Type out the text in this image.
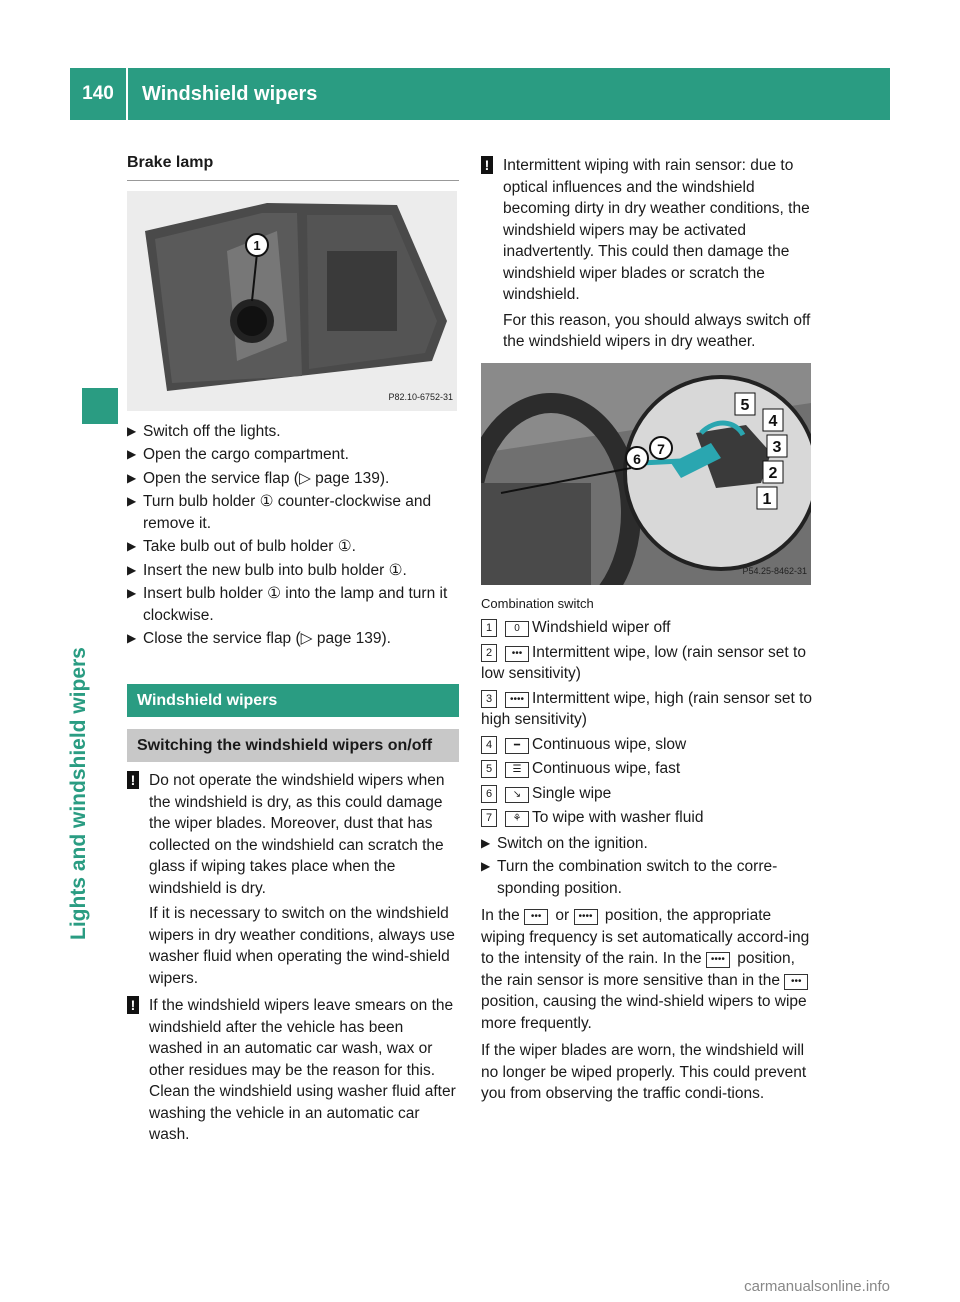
140	Windshield wipers
Lights and windshield wipers
Brake lamp
1
P82.10-6752-31
▶ Switch off the lights.
▶ Open the cargo compartment.
▶ Open the service flap (▷ page 139).
▶ Turn bulb holder ① counter-clockwise and remove it.
▶ Take bulb out of bulb holder ①.
▶ Insert the new bulb into bulb holder ①.
▶ Insert bulb holder ① into the lamp and turn it clockwise.
▶ Close the service flap (▷ page 139).
Windshield wipers
Switching the windshield wipers on/off
! Do not operate the windshield wipers when the windshield is dry, as this could damage the wiper blades. Moreover, dust that has collected on the windshield can scratch the glass if wiping takes place when the windshield is dry.
If it is necessary to switch on the windshield wipers in dry weather conditions, always use washer fluid when operating the wind-shield wipers.
! If the windshield wipers leave smears on the windshield after the vehicle has been washed in an automatic car wash, wax or other residues may be the reason for this. Clean the windshield using washer fluid after washing the vehicle in an automatic car wash.
! Intermittent wiping with rain sensor: due to optical influences and the windshield becoming dirty in dry weather conditions, the windshield wipers may be activated inadvertently. This could then damage the windshield wiper blades or scratch the windshield.
For this reason, you should always switch off the windshield wipers in dry weather.
5
4
3
2
1
6
7
P54.25-8462-31
Combination switch
1 0 Windshield wiper off
2 ••• Intermittent wipe, low (rain sensor set to low sensitivity)
3 •••• Intermittent wipe, high (rain sensor set to high sensitivity)
4 ━ Continuous wipe, slow
5 ☰ Continuous wipe, fast
6 ↘ Single wipe
7 ⚘ To wipe with washer fluid
▶ Switch on the ignition.
▶ Turn the combination switch to the corre-sponding position.
In the ••• or •••• position, the appropriate wiping frequency is set automatically accord-ing to the intensity of the rain. In the •••• position, the rain sensor is more sensitive than in the ••• position, causing the wind-shield wipers to wipe more frequently.
If the wiper blades are worn, the windshield will no longer be wiped properly. This could prevent you from observing the traffic condi-tions.
carmanualsonline.info
